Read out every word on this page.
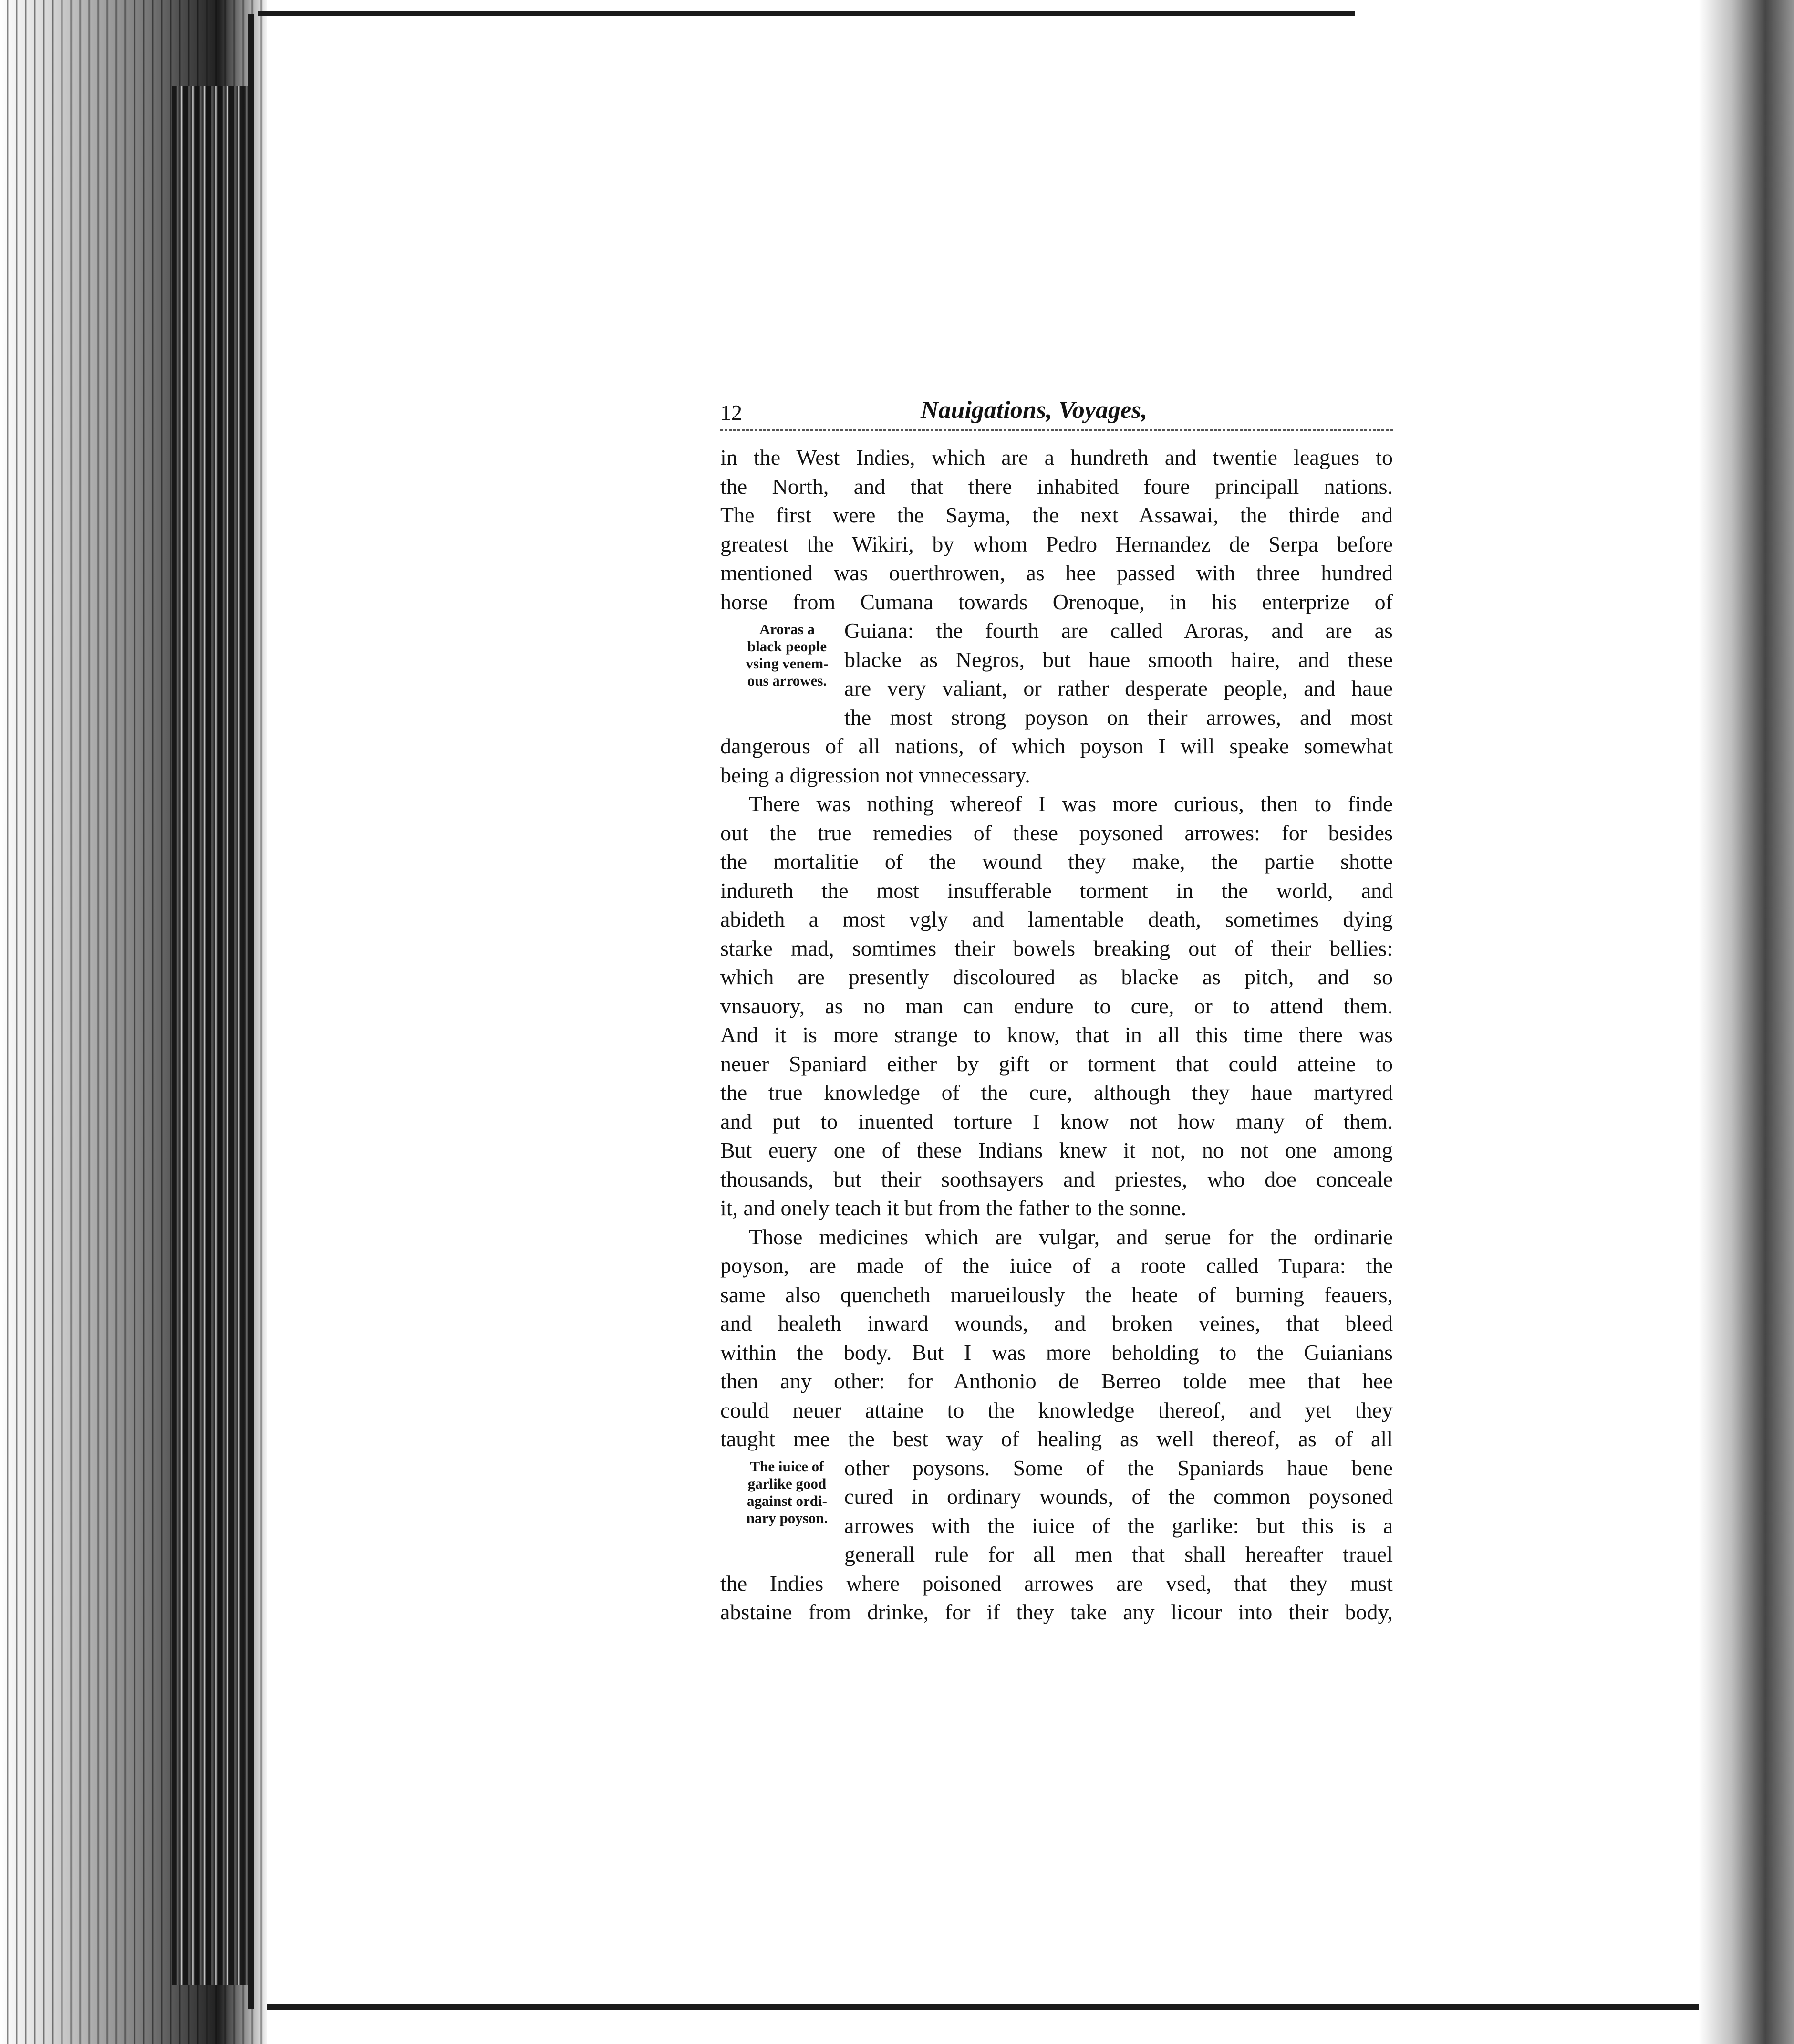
12	Nauigations, Voyages,

in the West Indies, which are a hundreth and twentie leagues to
the North, and that there inhabited foure principall nations.
The first were the Sayma, the next Assawai, the thirde and
greatest the Wikiri, by whom Pedro Hernandez de Serpa before
mentioned was ouerthrowen, as hee passed with three hundred
horse from Cumana towards Orenoque, in his enterprize of
Guiana: the fourth are called Aroras, and are as
blacke as Negros, but haue smooth haire, and these
are very valiant, or rather desperate people, and haue
the most strong poyson on their arrowes, and most
dangerous of all nations, of which poyson I will speake somewhat
being a digression not vnnecessary.
Aroras a
black people
vsing venem-
ous arrowes.

There was nothing whereof I was more curious, then to finde
out the true remedies of these poysoned arrowes: for besides
the mortalitie of the wound they make, the partie shotte
indureth the most insufferable torment in the world, and
abideth a most vgly and lamentable death, sometimes dying
starke mad, somtimes their bowels breaking out of their bellies:
which are presently discoloured as blacke as pitch, and so
vnsauory, as no man can endure to cure, or to attend them.
And it is more strange to know, that in all this time there was
neuer Spaniard either by gift or torment that could atteine to
the true knowledge of the cure, although they haue martyred
and put to inuented torture I know not how many of them.
But euery one of these Indians knew it not, no not one among
thousands, but their soothsayers and priestes, who doe conceale
it, and onely teach it but from the father to the sonne.

Those medicines which are vulgar, and serue for the ordinarie
poyson, are made of the iuice of a roote called Tupara: the
same also quencheth marueilously the heate of burning feauers,
and healeth inward wounds, and broken veines, that bleed
within the body. But I was more beholding to the Guianians
then any other: for Anthonio de Berreo tolde mee that hee
could neuer attaine to the knowledge thereof, and yet they
taught mee the best way of healing as well thereof, as of all
other poysons. Some of the Spaniards haue bene
cured in ordinary wounds, of the common poysoned
arrowes with the iuice of the garlike: but this is a
generall rule for all men that shall hereafter trauel
the Indies where poisoned arrowes are vsed, that they must
abstaine from drinke, for if they take any licour into their body,
The iuice of
garlike good
against ordi-
nary poyson.
